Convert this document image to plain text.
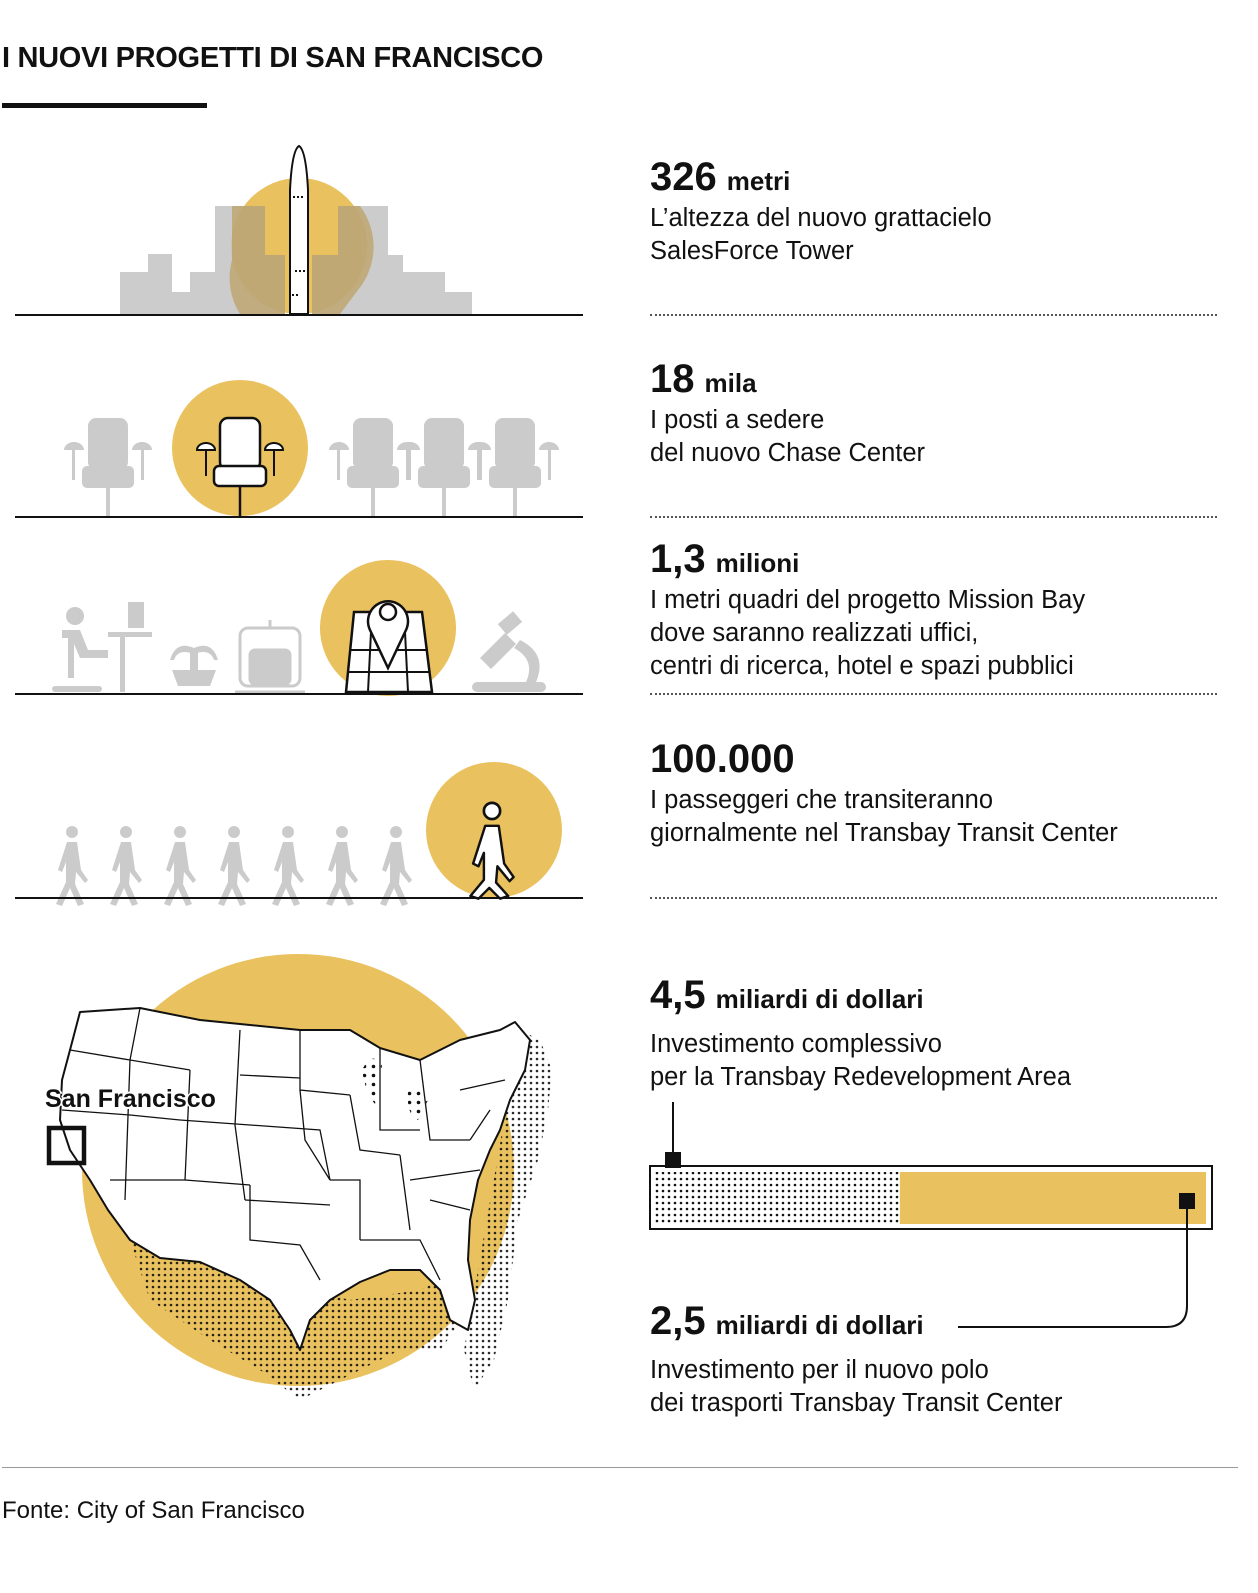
I NUOVI PROGETTI DI SAN FRANCISCO
San Francisco
326 metri
L’altezza del nuovo grattacielo
SalesForce Tower
18 mila
I posti a sedere
del nuovo Chase Center
1,3 milioni
I metri quadri del progetto Mission Bay
dove saranno realizzati uffici,
centri di ricerca, hotel e spazi pubblici
100.000
I passeggeri che transiteranno
giornalmente nel Transbay Transit Center
4,5 miliardi di dollari
Investimento complessivo
per la Transbay Redevelopment Area
2,5 miliardi di dollari
Investimento per il nuovo polo
dei trasporti Transbay Transit Center
Fonte: City of San Francisco
